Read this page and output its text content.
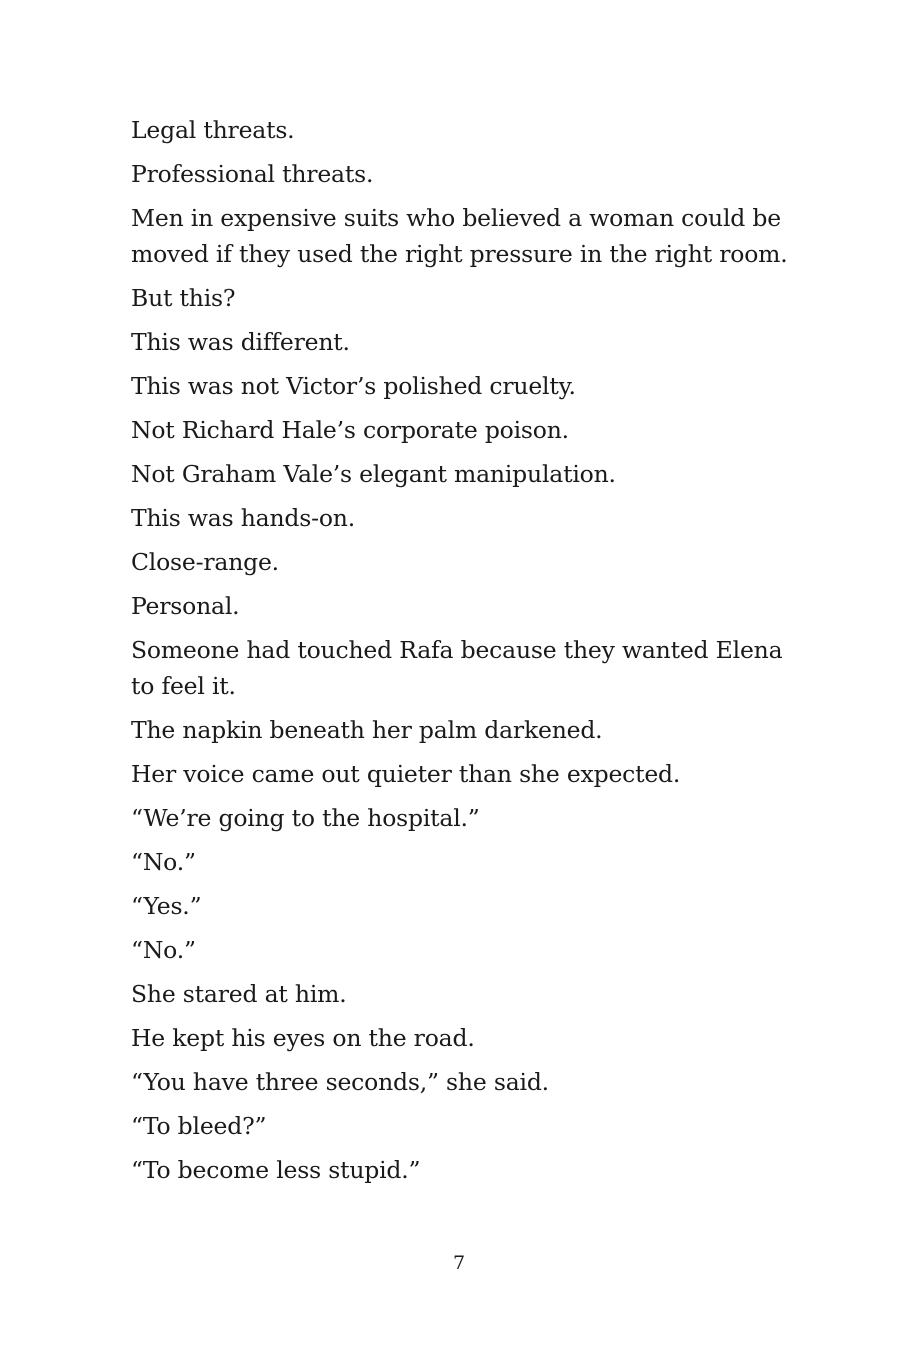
Legal threats.

Professional threats.

Men in expensive suits who believed a woman could be moved if they used the right pressure in the right room.

But this?

This was different.

This was not Victor’s polished cruelty.

Not Richard Hale’s corporate poison.

Not Graham Vale’s elegant manipulation.

This was hands-on.

Close-range.

Personal.

Someone had touched Rafa because they wanted Elena to feel it.

The napkin beneath her palm darkened.

Her voice came out quieter than she expected.

“We’re going to the hospital.”

“No.”

“Yes.”

“No.”

She stared at him.

He kept his eyes on the road.

“You have three seconds,” she said.

“To bleed?”

“To become less stupid.”

7
